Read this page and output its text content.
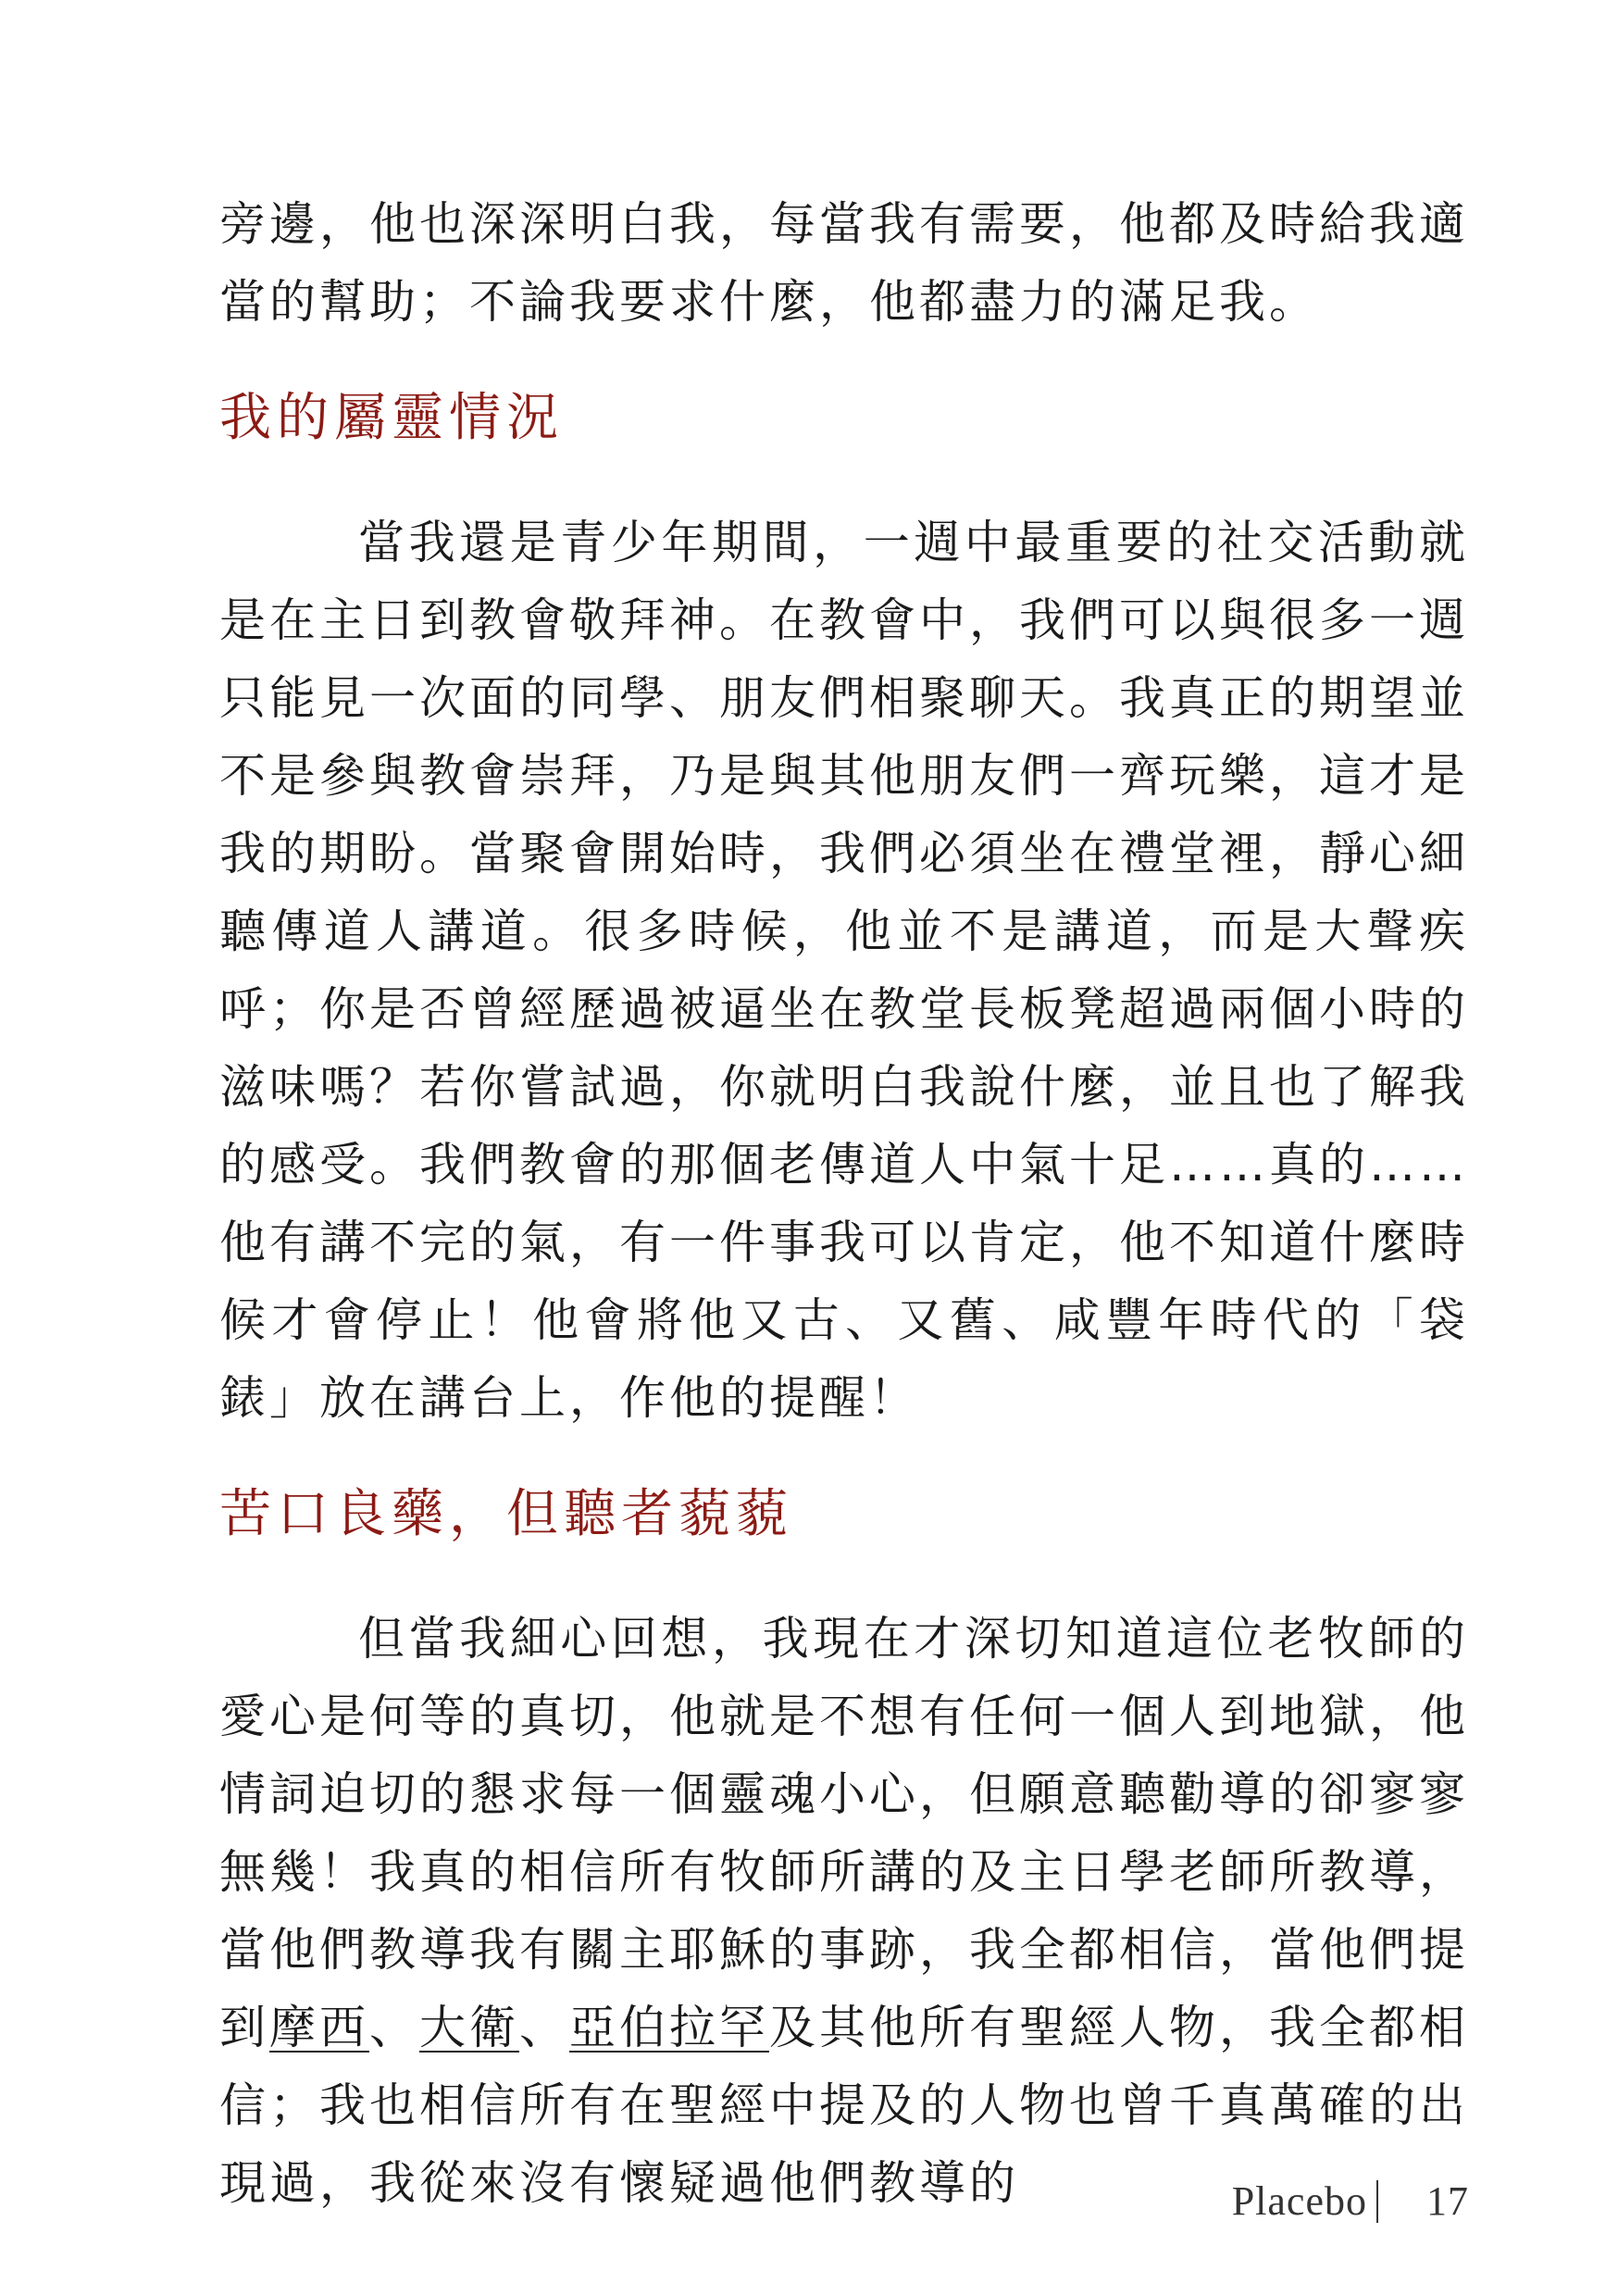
旁邊，他也深深明白我，每當我有需要，他都及時給我適當的幫助；不論我要求什麼，他都盡力的滿足我。

我的屬靈情況

當我還是青少年期間，一週中最重要的社交活動就是在主日到教會敬拜神。在教會中，我們可以與很多一週只能見一次面的同學、朋友們相聚聊天。我真正的期望並不是參與教會崇拜，乃是與其他朋友們一齊玩樂，這才是我的期盼。當聚會開始時，我們必須坐在禮堂裡，靜心細聽傳道人講道。很多時候，他並不是講道，而是大聲疾呼；你是否曾經歷過被逼坐在教堂長板凳超過兩個小時的滋味嗎？若你嘗試過，你就明白我說什麼，並且也了解我的感受。我們教會的那個老傳道人中氣十足……真的……他有講不完的氣，有一件事我可以肯定，他不知道什麼時候才會停止！他會將他又古、又舊、咸豐年時代的「袋錶」放在講台上，作他的提醒！

苦口良藥，但聽者藐藐

但當我細心回想，我現在才深切知道這位老牧師的愛心是何等的真切，他就是不想有任何一個人到地獄，他情詞迫切的懇求每一個靈魂小心，但願意聽勸導的卻寥寥無幾！我真的相信所有牧師所講的及主日學老師所教導，當他們教導我有關主耶穌的事跡，我全都相信，當他們提到摩西、大衛、亞伯拉罕及其他所有聖經人物，我全都相信；我也相信所有在聖經中提及的人物也曾千真萬確的出現過，我從來沒有懷疑過他們教導的	Placebo 17
